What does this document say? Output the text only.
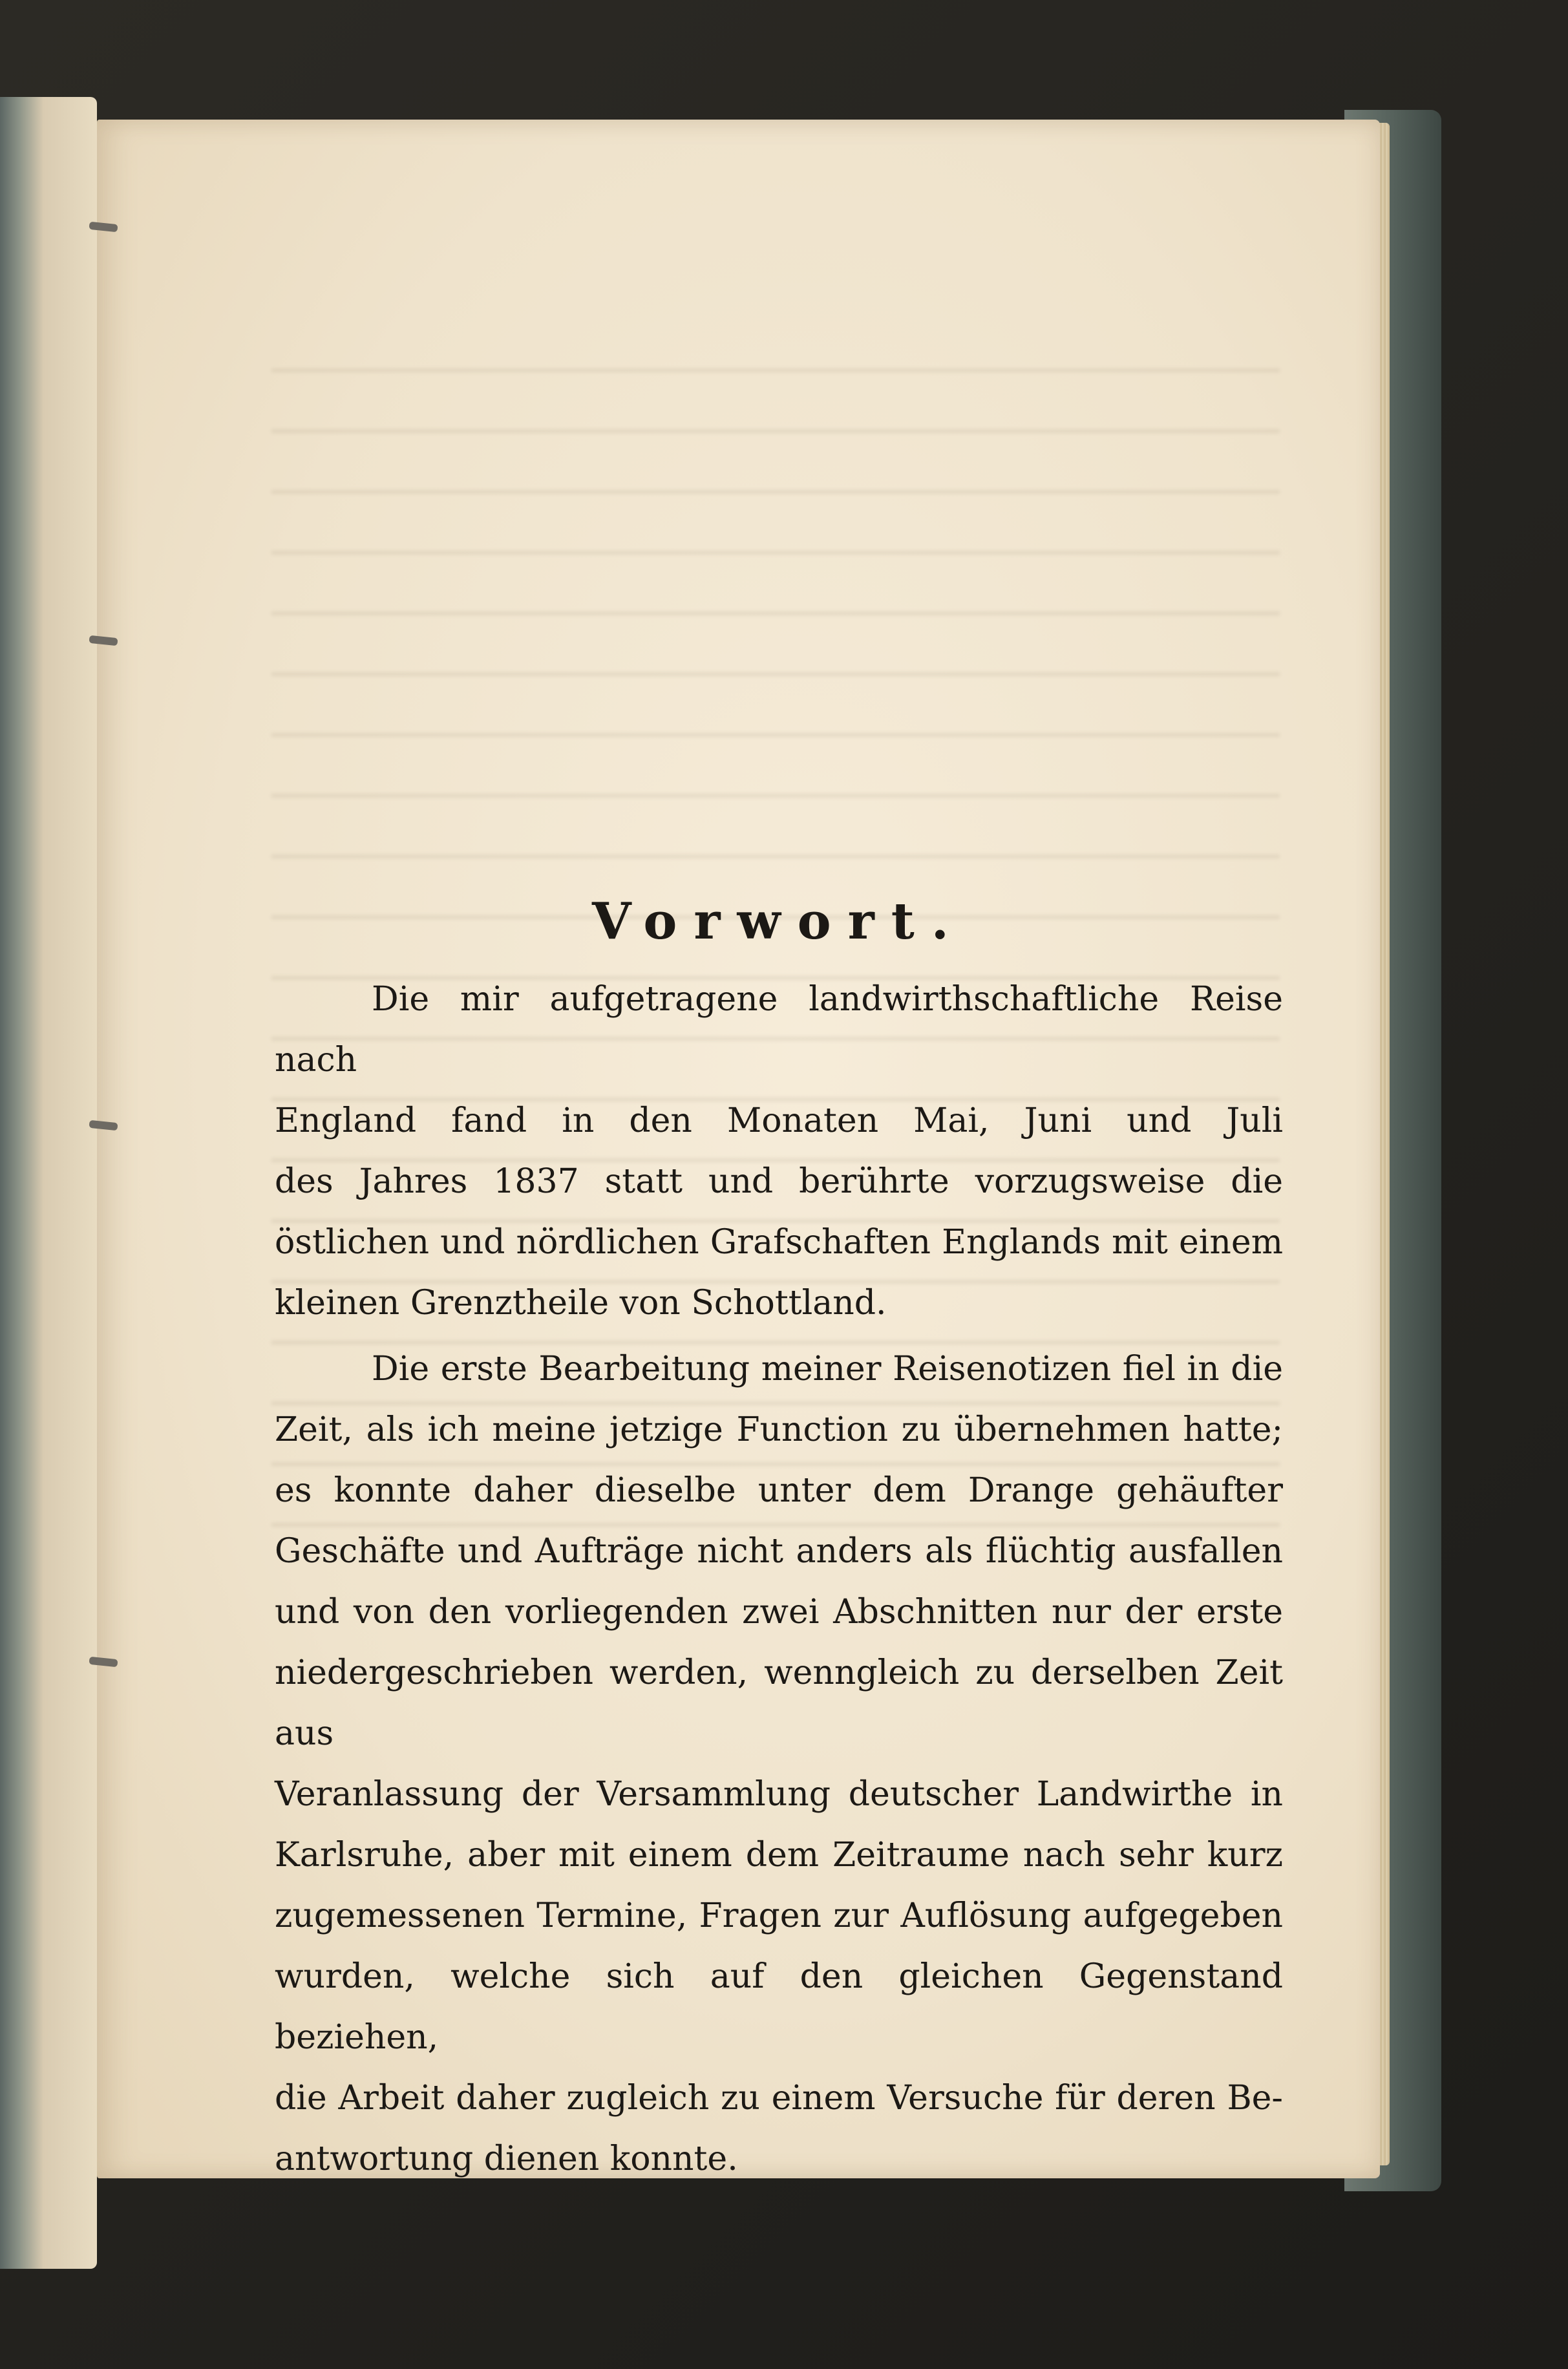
Vorwort.

Die mir aufgetragene landwirthschaftliche Reise nach

England fand in den Monaten Mai, Juni und Juli

des Jahres 1837 statt und berührte vorzugsweise die

östlichen und nördlichen Grafschaften Englands mit einem

kleinen Grenztheile von Schottland.

Die erste Bearbeitung meiner Reisenotizen fiel in die

Zeit, als ich meine jetzige Function zu übernehmen hatte;

es konnte daher dieselbe unter dem Drange gehäufter

Geschäfte und Aufträge nicht anders als flüchtig ausfallen

und von den vorliegenden zwei Abschnitten nur der erste

niedergeschrieben werden, wenngleich zu derselben Zeit aus

Veranlassung der Versammlung deutscher Landwirthe in

Karlsruhe, aber mit einem dem Zeitraume nach sehr kurz

zugemessenen Termine, Fragen zur Auflösung aufgegeben

wurden, welche sich auf den gleichen Gegenstand beziehen,

die Arbeit daher zugleich zu einem Versuche für deren Be-

antwortung dienen konnte.
